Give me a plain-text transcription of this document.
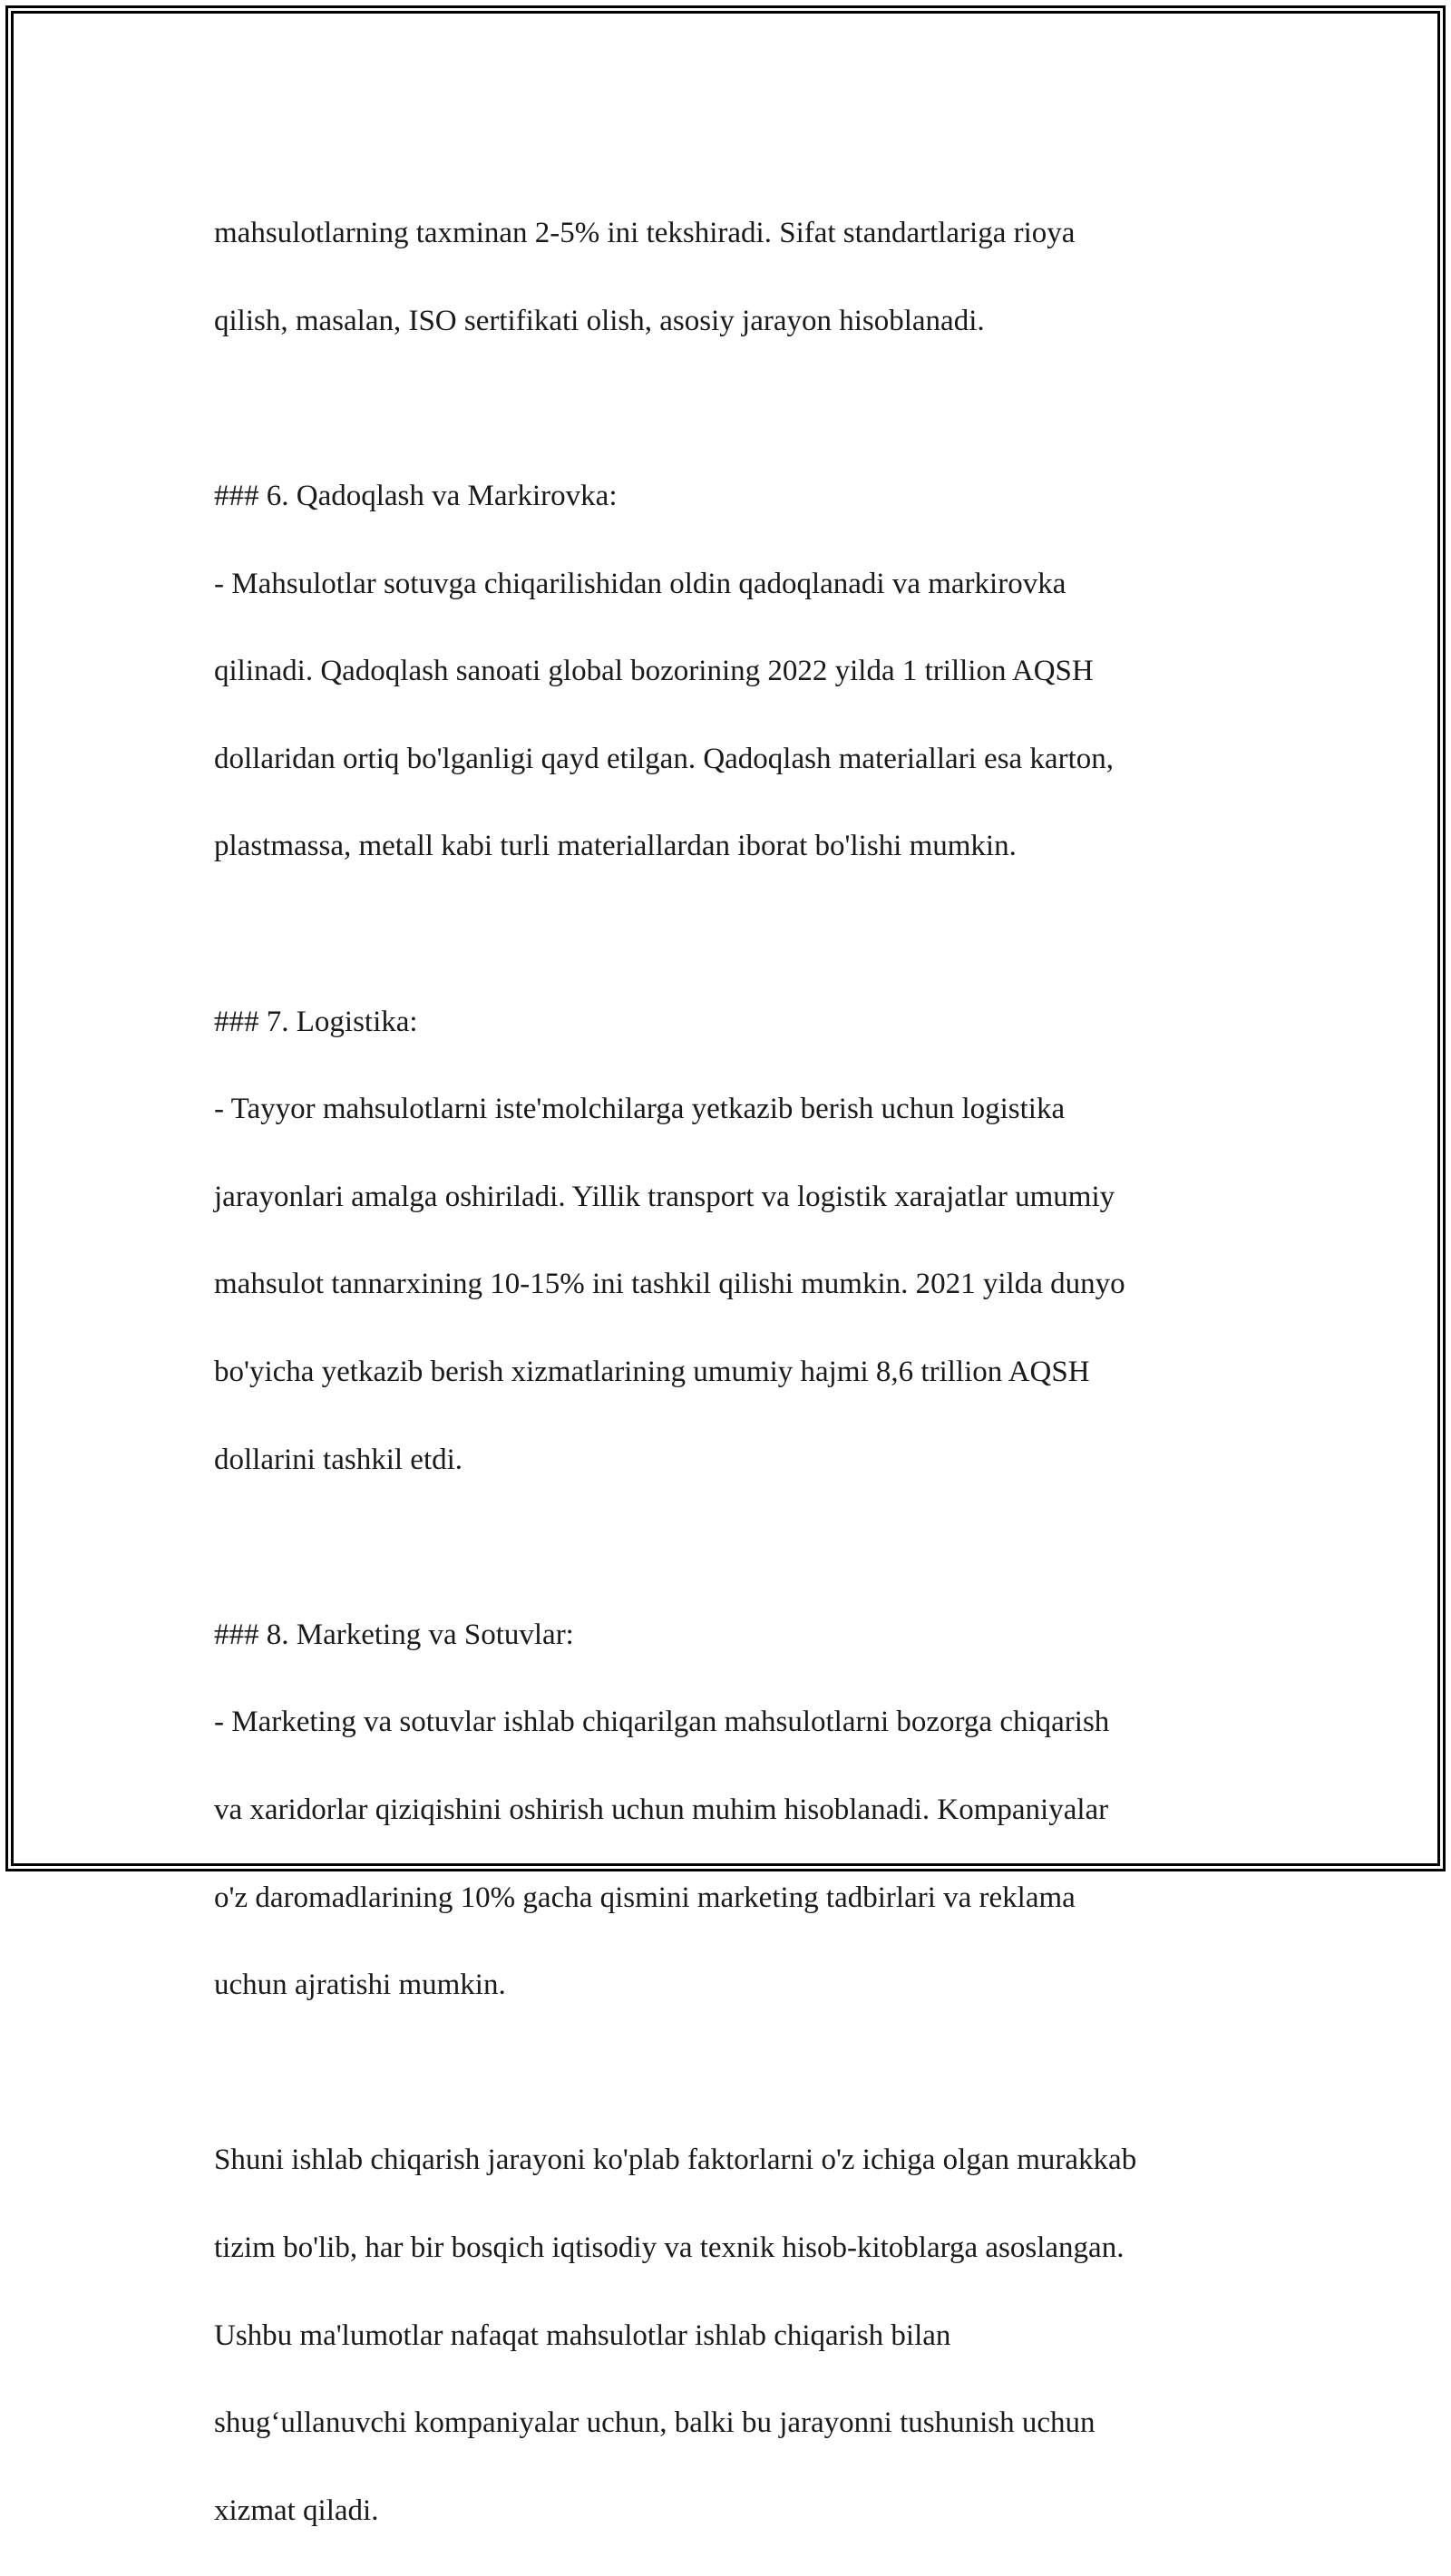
mahsulotlarning taxminan 2-5% ini tekshiradi. Sifat standartlariga rioya

qilish, masalan, ISO sertifikati olish, asosiy jarayon hisoblanadi.

### 6. Qadoqlash va Markirovka:

- Mahsulotlar sotuvga chiqarilishidan oldin qadoqlanadi va markirovka

qilinadi. Qadoqlash sanoati global bozorining 2022 yilda 1 trillion AQSH

dollaridan ortiq bo'lganligi qayd etilgan. Qadoqlash materiallari esa karton,

plastmassa, metall kabi turli materiallardan iborat bo'lishi mumkin.

### 7. Logistika:

- Tayyor mahsulotlarni iste'molchilarga yetkazib berish uchun logistika

jarayonlari amalga oshiriladi. Yillik transport va logistik xarajatlar umumiy

mahsulot tannarxining 10-15% ini tashkil qilishi mumkin. 2021 yilda dunyo

bo'yicha yetkazib berish xizmatlarining umumiy hajmi 8,6 trillion AQSH

dollarini tashkil etdi.

### 8. Marketing va Sotuvlar:

- Marketing va sotuvlar ishlab chiqarilgan mahsulotlarni bozorga chiqarish

va xaridorlar qiziqishini oshirish uchun muhim hisoblanadi. Kompaniyalar

o'z daromadlarining 10% gacha qismini marketing tadbirlari va reklama

uchun ajratishi mumkin.

Shuni ishlab chiqarish jarayoni ko'plab faktorlarni o'z ichiga olgan murakkab

tizim bo'lib, har bir bosqich iqtisodiy va texnik hisob-kitoblarga asoslangan.

Ushbu ma'lumotlar nafaqat mahsulotlar ishlab chiqarish bilan

shug‘ullanuvchi kompaniyalar uchun, balki bu jarayonni tushunish uchun

xizmat qiladi.
